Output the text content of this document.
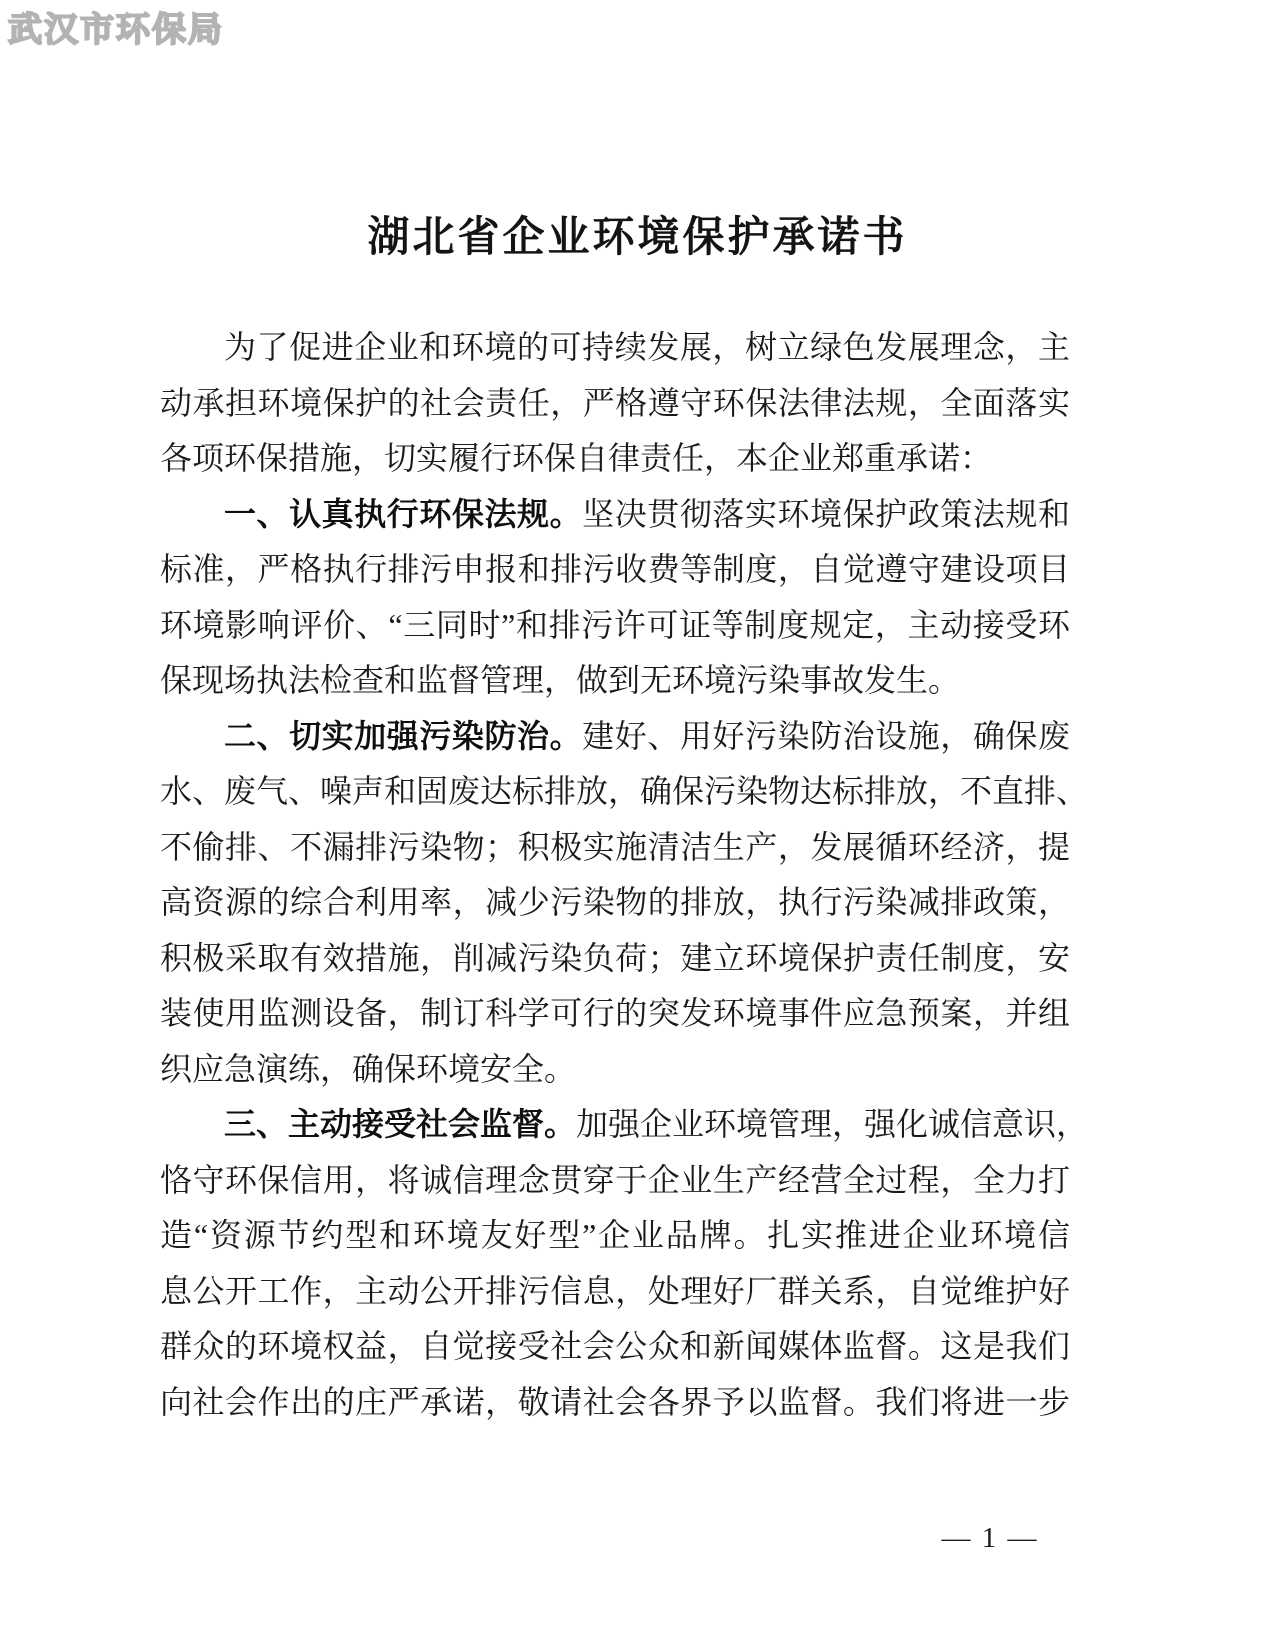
武汉市环保局
湖北省企业环境保护承诺书
为了促进企业和环境的可持续发展，树立绿色发展理念，主
动承担环境保护的社会责任，严格遵守环保法律法规，全面落实
各项环保措施，切实履行环保自律责任，本企业郑重承诺：
一、认真执行环保法规。坚决贯彻落实环境保护政策法规和
标准，严格执行排污申报和排污收费等制度，自觉遵守建设项目
环境影响评价、“三同时”和排污许可证等制度规定，主动接受环
保现场执法检查和监督管理，做到无环境污染事故发生。
二、切实加强污染防治。建好、用好污染防治设施，确保废
水、废气、噪声和固废达标排放，确保污染物达标排放，不直排、
不偷排、不漏排污染物；积极实施清洁生产，发展循环经济，提
高资源的综合利用率，减少污染物的排放，执行污染减排政策，
积极采取有效措施，削减污染负荷；建立环境保护责任制度，安
装使用监测设备，制订科学可行的突发环境事件应急预案，并组
织应急演练，确保环境安全。
三、主动接受社会监督。加强企业环境管理，强化诚信意识，
恪守环保信用，将诚信理念贯穿于企业生产经营全过程，全力打
造“资源节约型和环境友好型”企业品牌。扎实推进企业环境信
息公开工作，主动公开排污信息，处理好厂群关系，自觉维护好
群众的环境权益，自觉接受社会公众和新闻媒体监督。这是我们
向社会作出的庄严承诺，敬请社会各界予以监督。我们将进一步
— 1 —
